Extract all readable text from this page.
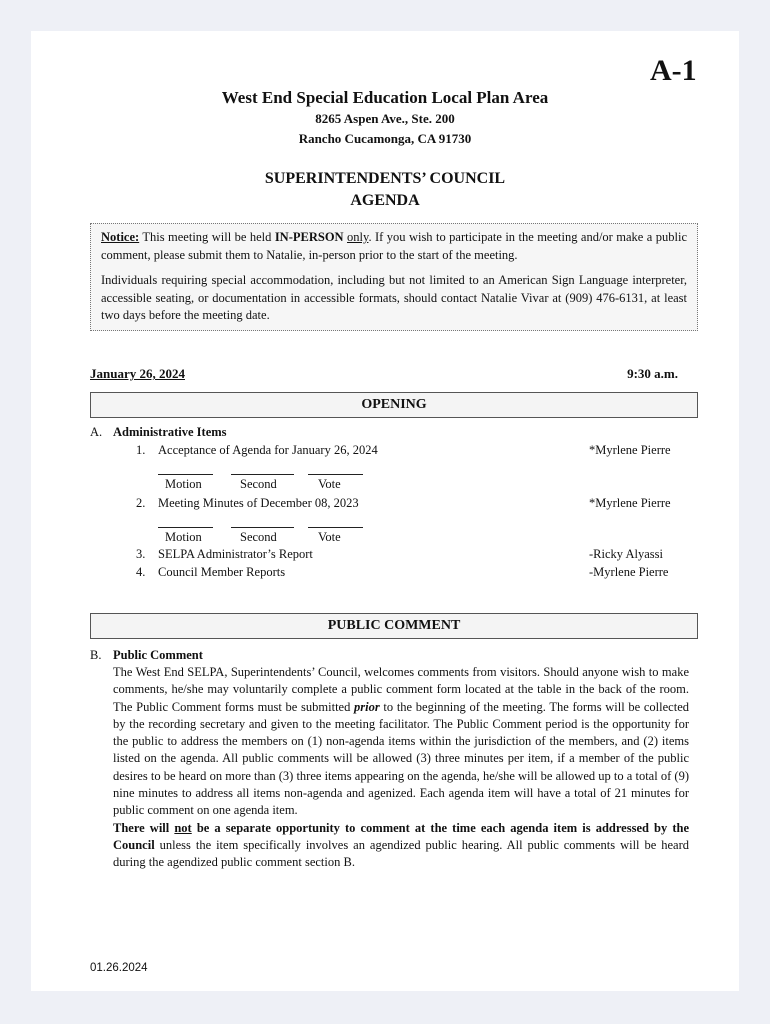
A-1
West End Special Education Local Plan Area
8265 Aspen Ave., Ste. 200
Rancho Cucamonga, CA 91730
SUPERINTENDENTS’ COUNCIL
AGENDA

Notice: This meeting will be held IN-PERSON only. If you wish to participate in the meeting and/or make a public comment, please submit them to Natalie, in-person prior to the start of the meeting.

Individuals requiring special accommodation, including but not limited to an American Sign Language interpreter, accessible seating, or documentation in accessible formats, should contact Natalie Vivar at (909) 476-6131, at least two days before the meeting date.

January 26, 2024	9:30 a.m.
OPENING
A. Administrative Items
1. Acceptance of Agenda for January 26, 2024	*Myrlene Pierre
Motion	Second	Vote
2. Meeting Minutes of December 08, 2023	*Myrlene Pierre
Motion	Second	Vote
3. SELPA Administrator’s Report	-Ricky Alyassi
4. Council Member Reports	-Myrlene Pierre
PUBLIC COMMENT
B. Public Comment

The West End SELPA, Superintendents’ Council, welcomes comments from visitors. Should anyone wish to make comments, he/she may voluntarily complete a public comment form located at the table in the back of the room. The Public Comment forms must be submitted prior to the beginning of the meeting. The forms will be collected by the recording secretary and given to the meeting facilitator. The Public Comment period is the opportunity for the public to address the members on (1) non-agenda items within the jurisdiction of the members, and (2) items listed on the agenda. All public comments will be allowed (3) three minutes per item, if a member of the public desires to be heard on more than (3) three items appearing on the agenda, he/she will be allowed up to a total of (9) nine minutes to address all items non-agenda and agenized. Each agenda item will have a total of 21 minutes for public comment on one agenda item.

There will not be a separate opportunity to comment at the time each agenda item is addressed by the Council unless the item specifically involves an agendized public hearing. All public comments will be heard during the agendized public comment section B.

01.26.2024
